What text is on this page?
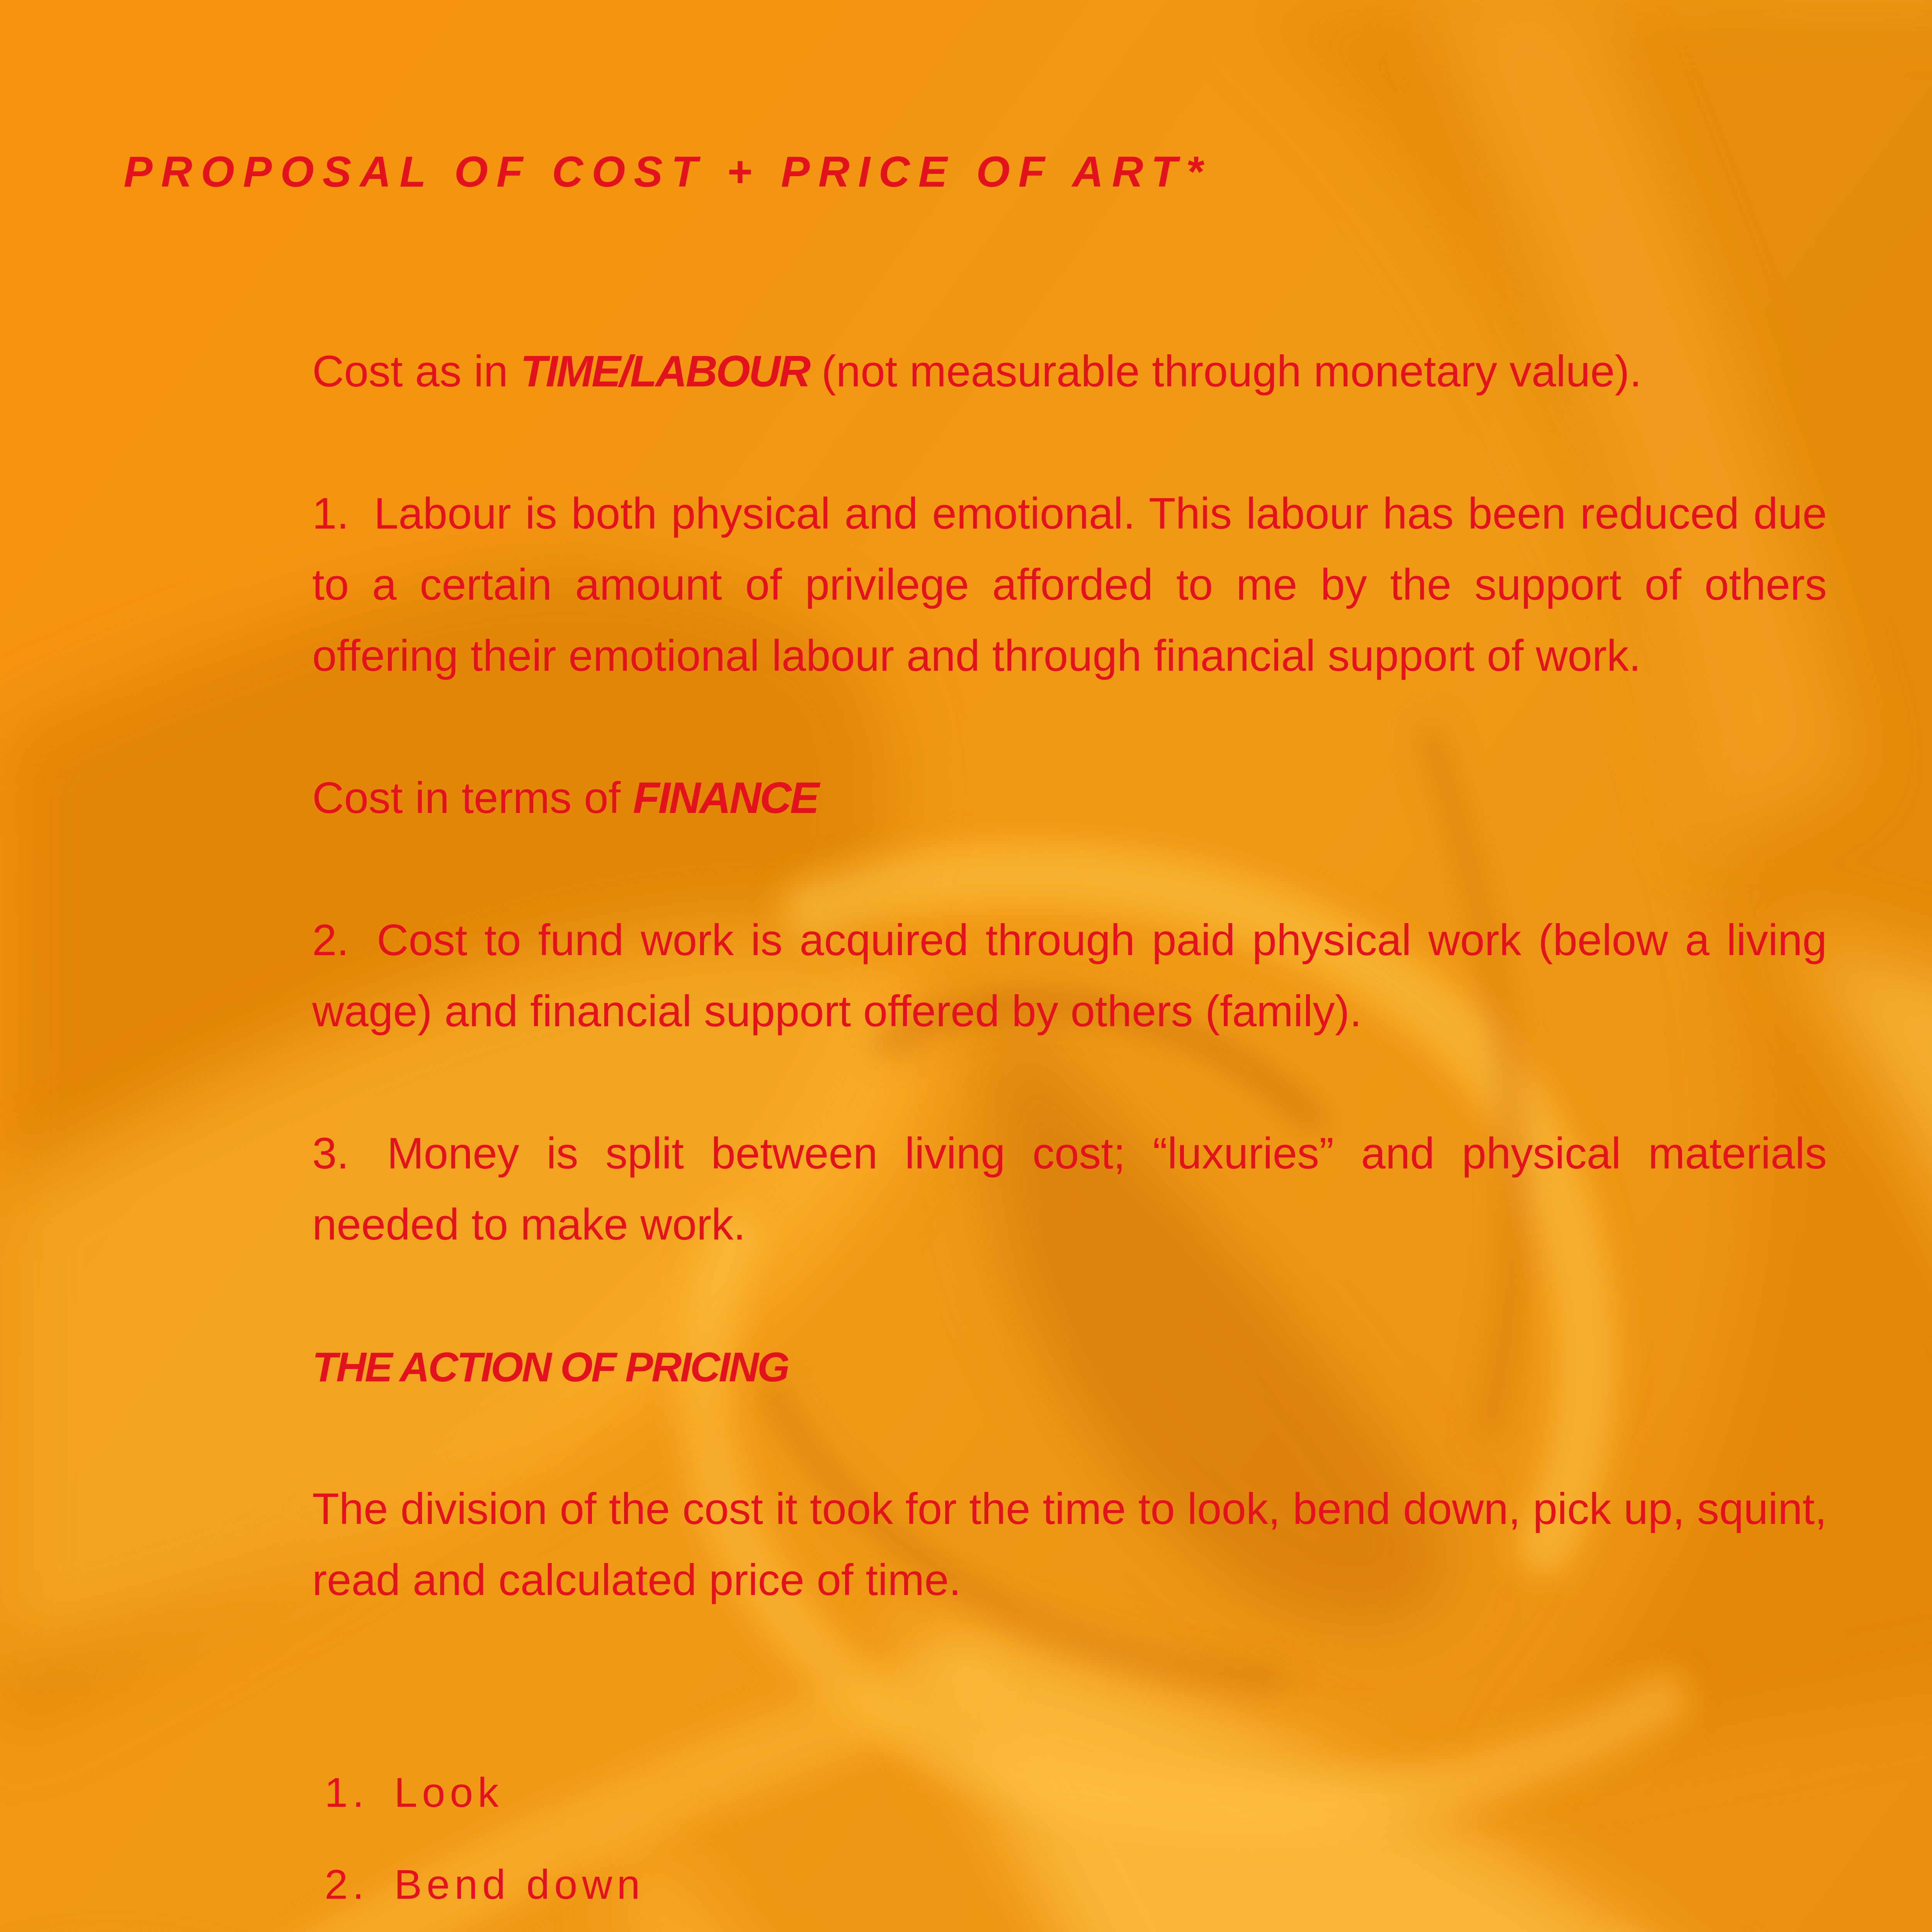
PROPOSAL OF COST + PRICE OF ART*

Cost as in TIME/LABOUR (not measurable through monetary value).

1. Labour is both physical and emotional. This labour has been reduced due to a certain amount of privilege afforded to me by the support of others offering their emotional labour and through financial support of work.

Cost in terms of FINANCE

2. Cost to fund work is acquired through paid physical work (below a living wage) and financial support offered by others (family).

3. Money is split between living cost; “luxuries” and physical materials needed to make work.

THE ACTION OF PRICING

The division of the cost it took for the time to look, bend down, pick up, squint, read and calculated price of time.

1. Look
2. Bend down
